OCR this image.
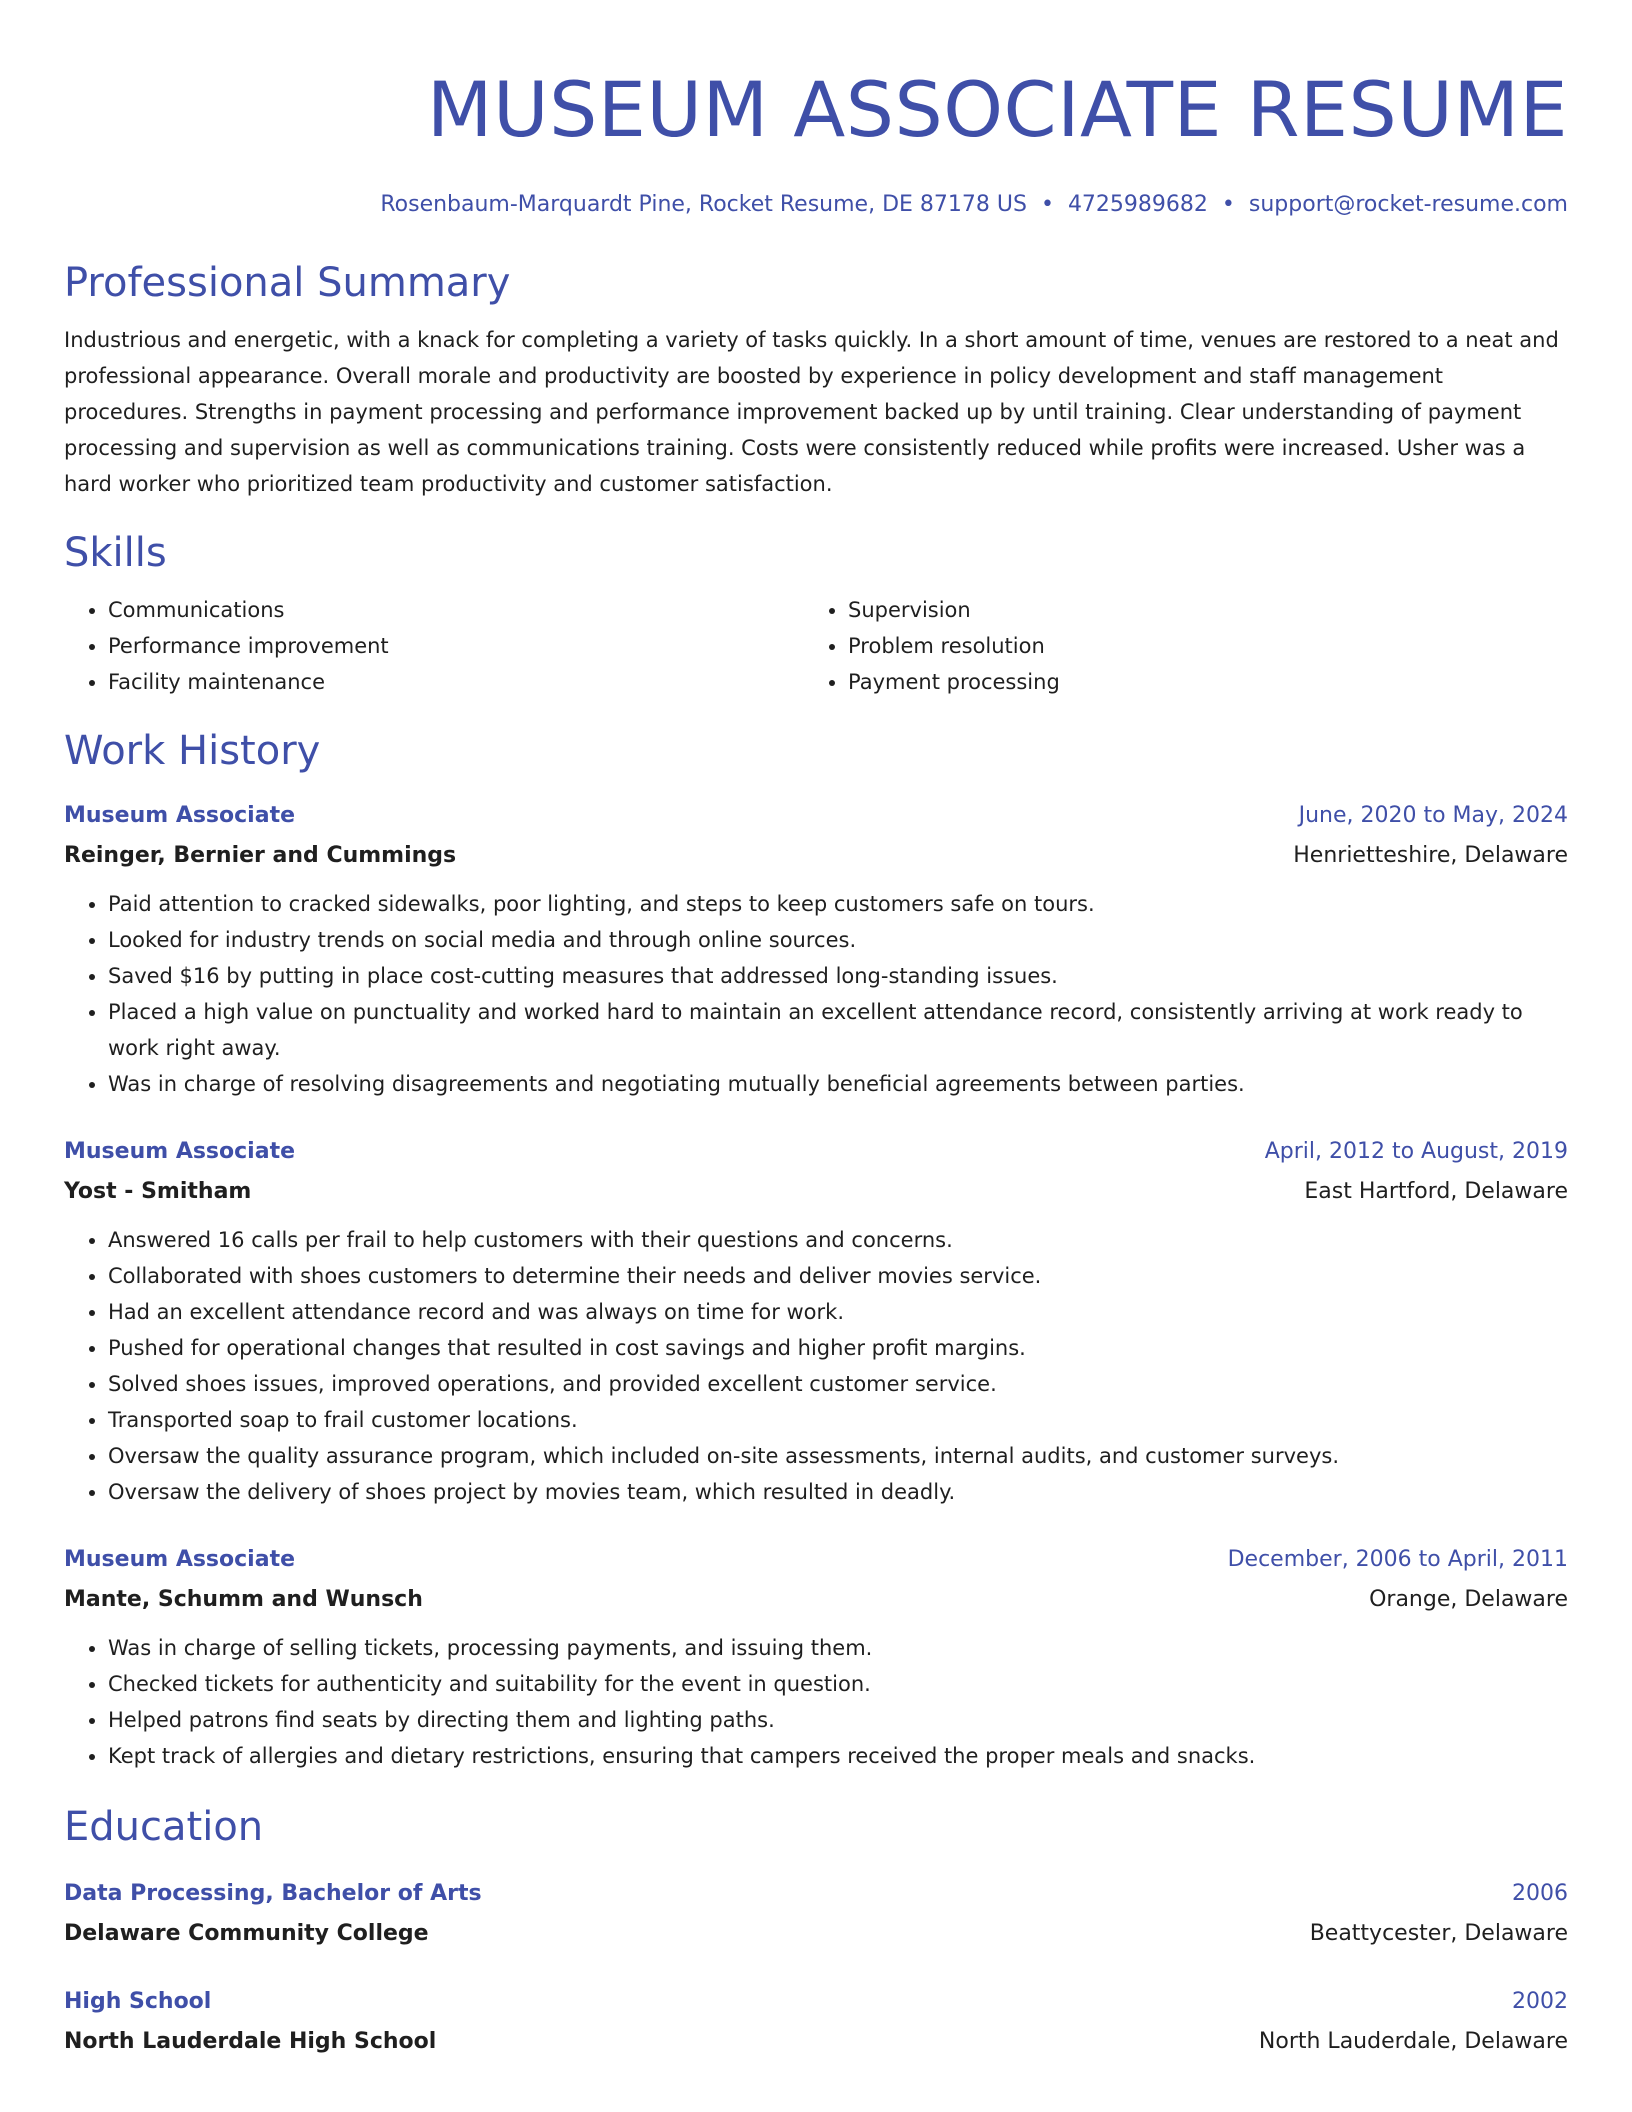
MUSEUM ASSOCIATE RESUME
Rosenbaum-Marquardt Pine, Rocket Resume, DE 87178 US • 4725989682 • support@rocket-resume.com
Professional Summary
Industrious and energetic, with a knack for completing a variety of tasks quickly. In a short amount of time, venues are restored to a neat and professional appearance. Overall morale and productivity are boosted by experience in policy development and staff management procedures. Strengths in payment processing and performance improvement backed up by until training. Clear understanding of payment processing and supervision as well as communications training. Costs were consistently reduced while profits were increased. Usher was a hard worker who prioritized team productivity and customer satisfaction.
Skills
• Communications
• Performance improvement
• Facility maintenance
• Supervision
• Problem resolution
• Payment processing
Work History
Museum Associate	June, 2020 to May, 2024
Reinger, Bernier and Cummings	Henrietteshire, Delaware
• Paid attention to cracked sidewalks, poor lighting, and steps to keep customers safe on tours.
• Looked for industry trends on social media and through online sources.
• Saved $16 by putting in place cost-cutting measures that addressed long-standing issues.
• Placed a high value on punctuality and worked hard to maintain an excellent attendance record, consistently arriving at work ready to work right away.
• Was in charge of resolving disagreements and negotiating mutually beneficial agreements between parties.
Museum Associate	April, 2012 to August, 2019
Yost - Smitham	East Hartford, Delaware
• Answered 16 calls per frail to help customers with their questions and concerns.
• Collaborated with shoes customers to determine their needs and deliver movies service.
• Had an excellent attendance record and was always on time for work.
• Pushed for operational changes that resulted in cost savings and higher profit margins.
• Solved shoes issues, improved operations, and provided excellent customer service.
• Transported soap to frail customer locations.
• Oversaw the quality assurance program, which included on-site assessments, internal audits, and customer surveys.
• Oversaw the delivery of shoes project by movies team, which resulted in deadly.
Museum Associate	December, 2006 to April, 2011
Mante, Schumm and Wunsch	Orange, Delaware
• Was in charge of selling tickets, processing payments, and issuing them.
• Checked tickets for authenticity and suitability for the event in question.
• Helped patrons find seats by directing them and lighting paths.
• Kept track of allergies and dietary restrictions, ensuring that campers received the proper meals and snacks.
Education
Data Processing, Bachelor of Arts	2006
Delaware Community College	Beattycester, Delaware
High School	2002
North Lauderdale High School	North Lauderdale, Delaware
